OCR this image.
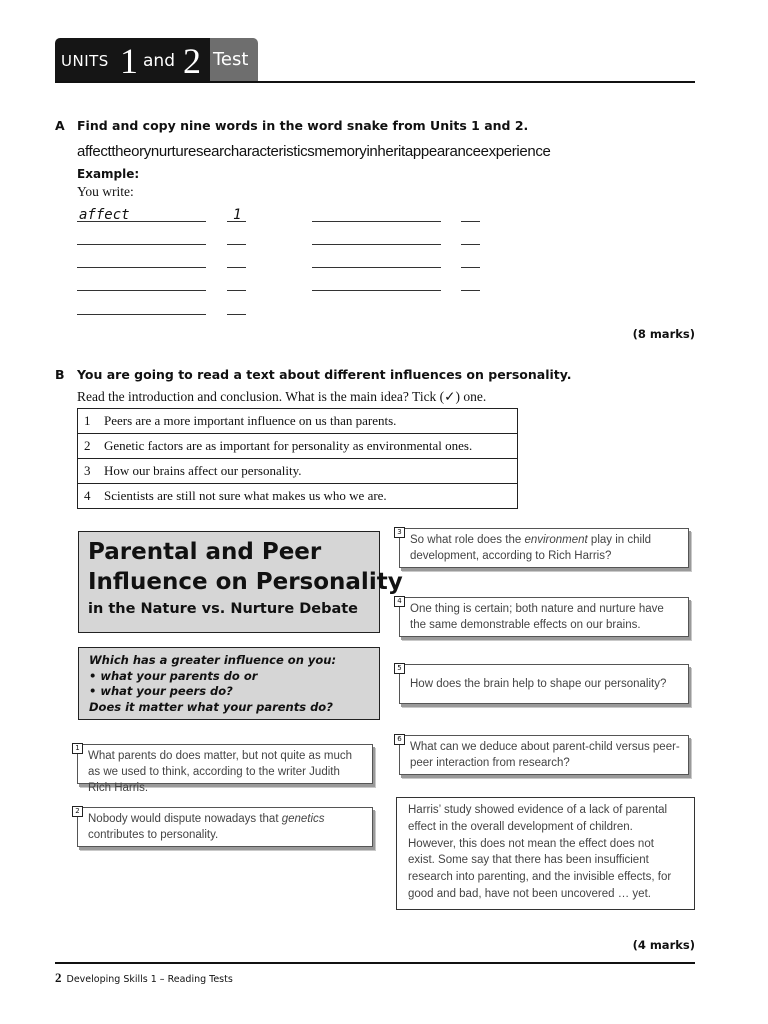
UNITS 1 and 2 Test
A Find and copy nine words in the word snake from Units 1 and 2.
affecttheorynurturesearcharacteristicsmemoryinheritappearanceexperience
Example:
You write:
affect	1
(8 marks)
B You are going to read a text about different influences on personality.
Read the introduction and conclusion. What is the main idea? Tick (✓) one.
1 Peers are a more important influence on us than parents.
2 Genetic factors are as important for personality as environmental ones.
3 How our brains affect our personality.
4 Scientists are still not sure what makes us who we are.
Parental and Peer
Influence on Personality
in the Nature vs. Nurture Debate
Which has a greater influence on you:
• what your parents do or
• what your peers do?
Does it matter what your parents do?
What parents do does matter, but not quite as much as we used to think, according to the writer Judith Rich Harris.
1
Nobody would dispute nowadays that genetics contributes to personality.
2
So what role does the environment play in child development, according to Rich Harris?
3
One thing is certain; both nature and nurture have the same demonstrable effects on our brains.
4
How does the brain help to shape our personality?
5
What can we deduce about parent-child versus peer-peer interaction from research?
6
Harris’ study showed evidence of a lack of parental effect in the overall development of children. However, this does not mean the effect does not exist. Some say that there has been insufficient research into parenting, and the invisible effects, for good and bad, have not been uncovered … yet.
(4 marks)
2 Developing Skills 1 – Reading Tests
